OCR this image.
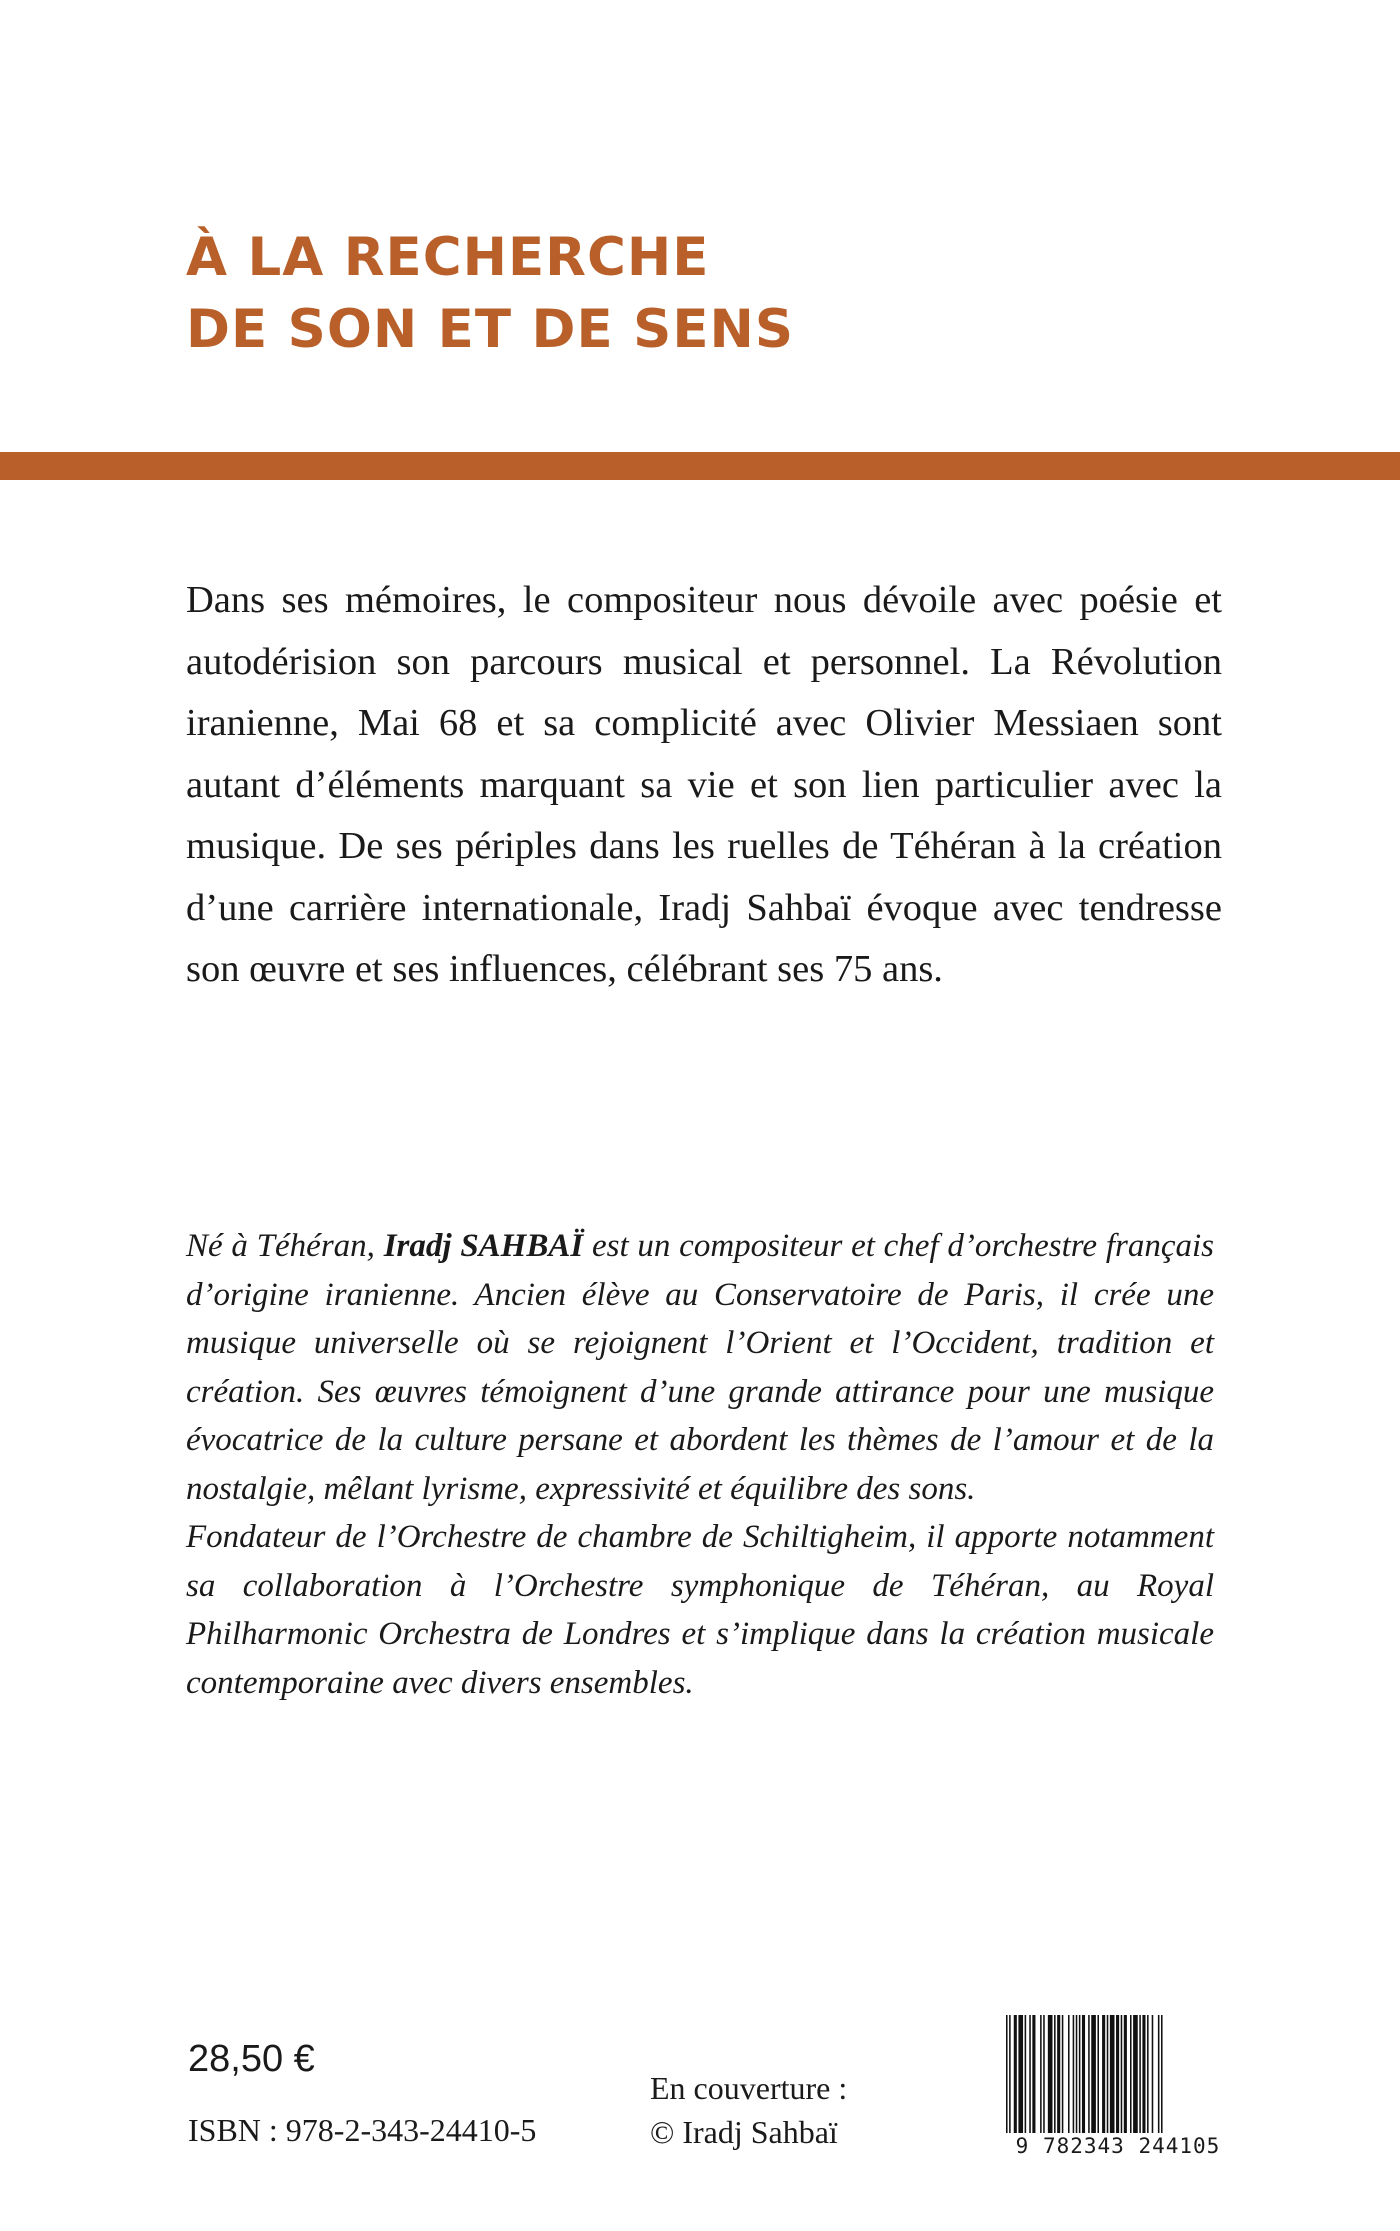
À LA RECHERCHE
DE SON ET DE SENS

Dans ses mémoires, le compositeur nous dévoile avec poésie et autodérision son parcours musical et personnel. La Révolution iranienne, Mai 68 et sa complicité avec Olivier Messiaen sont autant d’éléments marquant sa vie et son lien particulier avec la musique. De ses périples dans les ruelles de Téhéran à la création d’une carrière internationale, Iradj Sahbaï évoque avec tendresse son œuvre et ses influences, célébrant ses 75 ans.

Né à Téhéran, Iradj SAHBAÏ est un compositeur et chef d’orchestre français d’origine iranienne. Ancien élève au Conservatoire de Paris, il crée une musique universelle où se rejoignent l’Orient et l’Occident, tradition et création. Ses œuvres témoignent d’une grande attirance pour une musique évocatrice de la culture persane et abordent les thèmes de l’amour et de la nostalgie, mêlant lyrisme, expressivité et équilibre des sons.

Fondateur de l’Orchestre de chambre de Schiltigheim, il apporte notamment sa collaboration à l’Orchestre symphonique de Téhéran, au Royal Philharmonic Orchestra de Londres et s’implique dans la création musicale contemporaine avec divers ensembles.

28,50 €
ISBN : 978-2-343-24410-5
En couverture :
© Iradj Sahbaï	9 782343 244105
